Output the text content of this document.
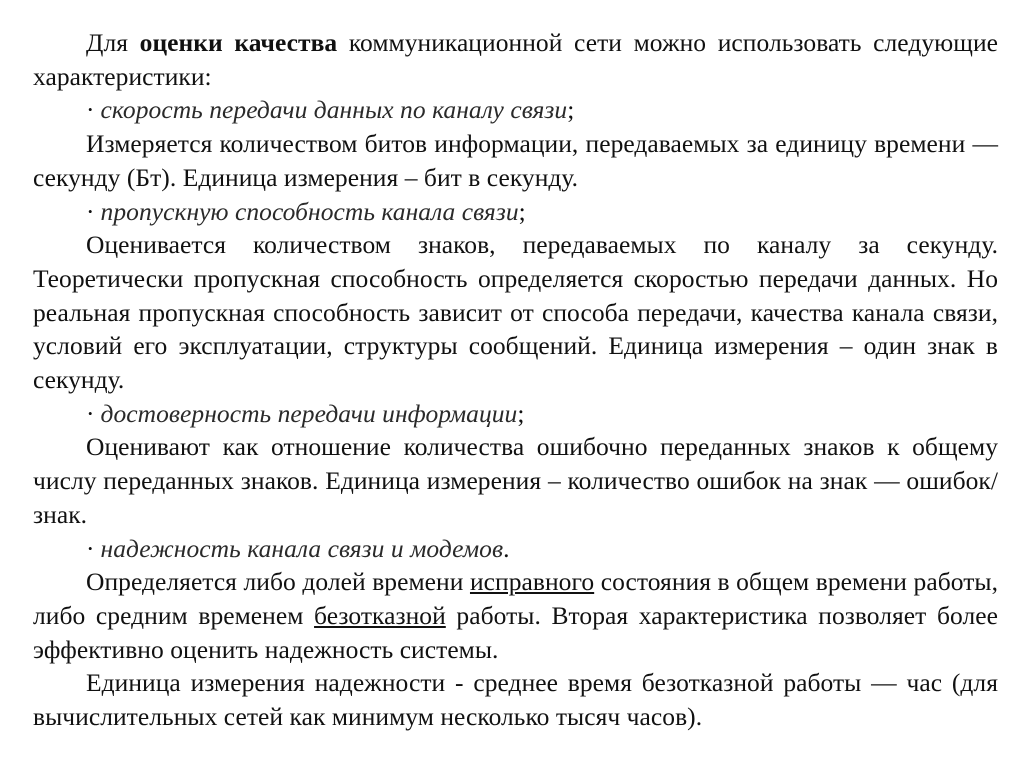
Для оценки качества коммуникационной сети можно использовать следующие характеристики:

· скорость передачи данных по каналу связи;

Измеряется количеством битов информации, передаваемых за единицу времени — секунду (Бт). Единица измерения – бит в секунду.

· пропускную способность канала связи;

Оценивается количеством знаков, передаваемых по каналу за секунду. Теоретически пропускная способность определяется скоростью передачи данных. Но реальная пропускная способность зависит от способа передачи, качества канала связи, условий его эксплуатации, структуры сообщений. Единица измерения – один знак в секунду.

· достоверность передачи информации;

Оценивают как отношение количества ошибочно переданных знаков к общему числу переданных знаков. Единица измерения – количество ошибок на знак — ошибок/знак.

· надежность канала связи и модемов.

Определяется либо долей времени исправного состояния в общем времени работы, либо средним временем безотказной работы. Вторая характеристика позволяет более эффективно оценить надежность системы.

Единица измерения надежности - среднее время безотказной работы — час (для вычислительных сетей как минимум несколько тысяч часов).
